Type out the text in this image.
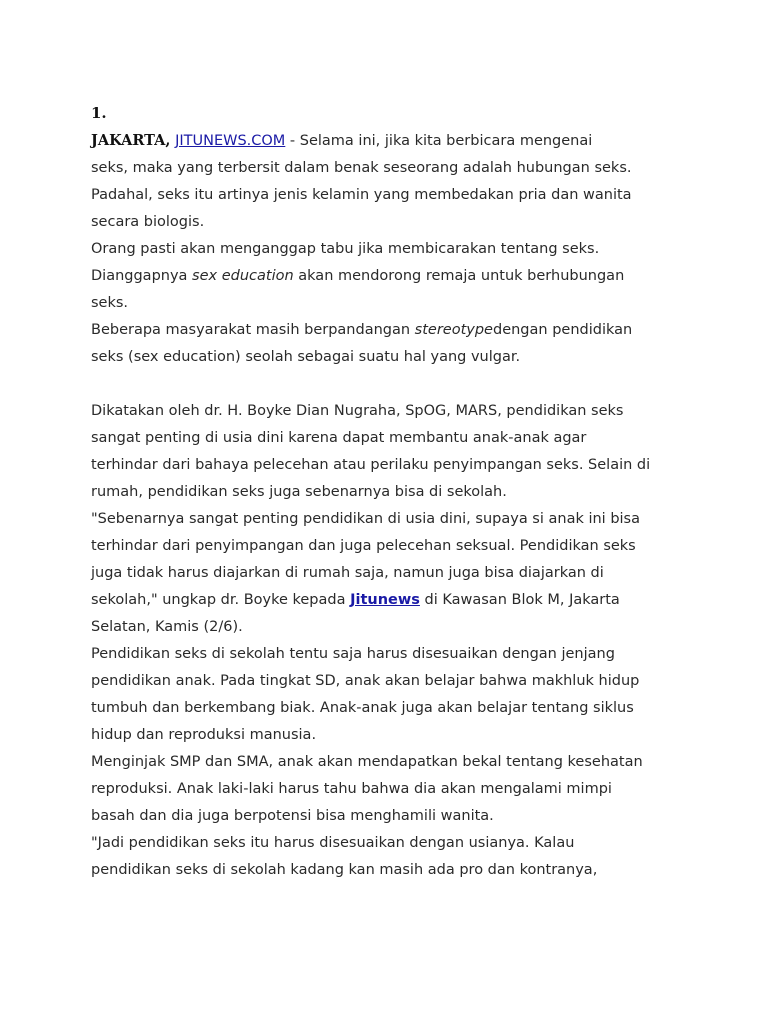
1.

JAKARTA, JITUNEWS.COM - Selama ini, jika kita berbicara mengenai
seks, maka yang terbersit dalam benak seseorang adalah hubungan seks.
Padahal, seks itu artinya jenis kelamin yang membedakan pria dan wanita
secara biologis.

Orang pasti akan menganggap tabu jika membicarakan tentang seks.
Dianggapnya sex education akan mendorong remaja untuk berhubungan
seks.

Beberapa masyarakat masih berpandangan stereotypedengan pendidikan
seks (sex education) seolah sebagai suatu hal yang vulgar.

Dikatakan oleh dr. H. Boyke Dian Nugraha, SpOG, MARS, pendidikan seks
sangat penting di usia dini karena dapat membantu anak-anak agar
terhindar dari bahaya pelecehan atau perilaku penyimpangan seks. Selain di
rumah, pendidikan seks juga sebenarnya bisa di sekolah.

"Sebenarnya sangat penting pendidikan di usia dini, supaya si anak ini bisa
terhindar dari penyimpangan dan juga pelecehan seksual. Pendidikan seks
juga tidak harus diajarkan di rumah saja, namun juga bisa diajarkan di
sekolah," ungkap dr. Boyke kepada Jitunews di Kawasan Blok M, Jakarta
Selatan, Kamis (2/6).

Pendidikan seks di sekolah tentu saja harus disesuaikan dengan jenjang
pendidikan anak. Pada tingkat SD, anak akan belajar bahwa makhluk hidup
tumbuh dan berkembang biak. Anak-anak juga akan belajar tentang siklus
hidup dan reproduksi manusia.

Menginjak SMP dan SMA, anak akan mendapatkan bekal tentang kesehatan
reproduksi. Anak laki-laki harus tahu bahwa dia akan mengalami mimpi
basah dan dia juga berpotensi bisa menghamili wanita.

"Jadi pendidikan seks itu harus disesuaikan dengan usianya. Kalau
pendidikan seks di sekolah kadang kan masih ada pro dan kontranya,
